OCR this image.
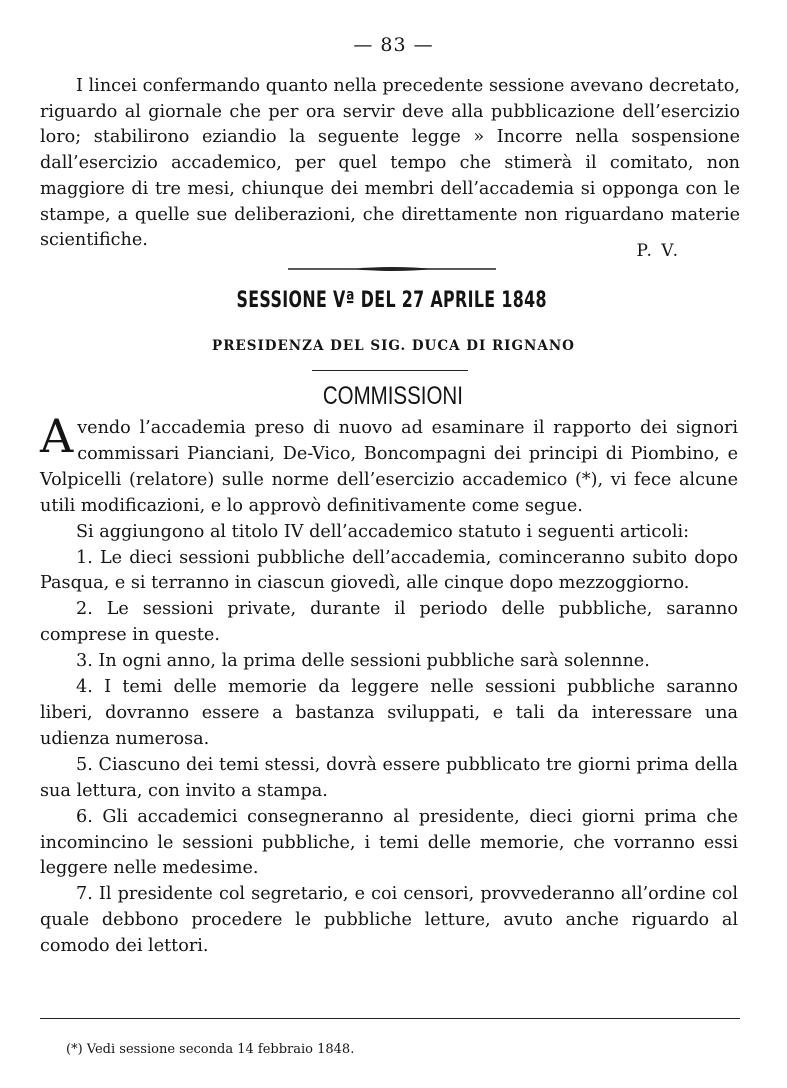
— 83 —

I lincei confermando quanto nella precedente sessione avevano decretato, riguardo al giornale che per ora servir deve alla pubblicazione dell’esercizio loro; stabilirono eziandio la seguente legge » Incorre nella sospensione dall’esercizio accademico, per quel tempo che stimerà il comitato, non maggiore di tre mesi, chiunque dei membri dell’accademia si opponga con le stampe, a quelle sue deliberazioni, che direttamente non riguardano materie scientifiche.

P. V.
SESSIONE Vª DEL 27 APRILE 1848
PRESIDENZA DEL SIG. DUCA DI RIGNANO
COMMISSIONI

Avendo l’accademia preso di nuovo ad esaminare il rapporto dei signori commissari Pianciani, De-Vico, Boncompagni dei principi di Piombino, e Volpicelli (relatore) sulle norme dell’esercizio accademico (*), vi fece alcune utili modificazioni, e lo approvò definitivamente come segue.

Si aggiungono al titolo IV dell’accademico statuto i seguenti articoli:

1. Le dieci sessioni pubbliche dell’accademia, cominceranno subito dopo Pasqua, e si terranno in ciascun giovedì, alle cinque dopo mezzoggiorno.

2. Le sessioni private, durante il periodo delle pubbliche, saranno comprese in queste.

3. In ogni anno, la prima delle sessioni pubbliche sarà solennne.

4. I temi delle memorie da leggere nelle sessioni pubbliche saranno liberi, dovranno essere a bastanza sviluppati, e tali da interessare una udienza numerosa.

5. Ciascuno dei temi stessi, dovrà essere pubblicato tre giorni prima della sua lettura, con invito a stampa.

6. Gli accademici consegneranno al presidente, dieci giorni prima che incomincino le sessioni pubbliche, i temi delle memorie, che vorranno essi leggere nelle medesime.

7. Il presidente col segretario, e coi censori, provvederanno all’ordine col quale debbono procedere le pubbliche letture, avuto anche riguardo al comodo dei lettori.

(*) Vedi sessione seconda 14 febbraio 1848.
